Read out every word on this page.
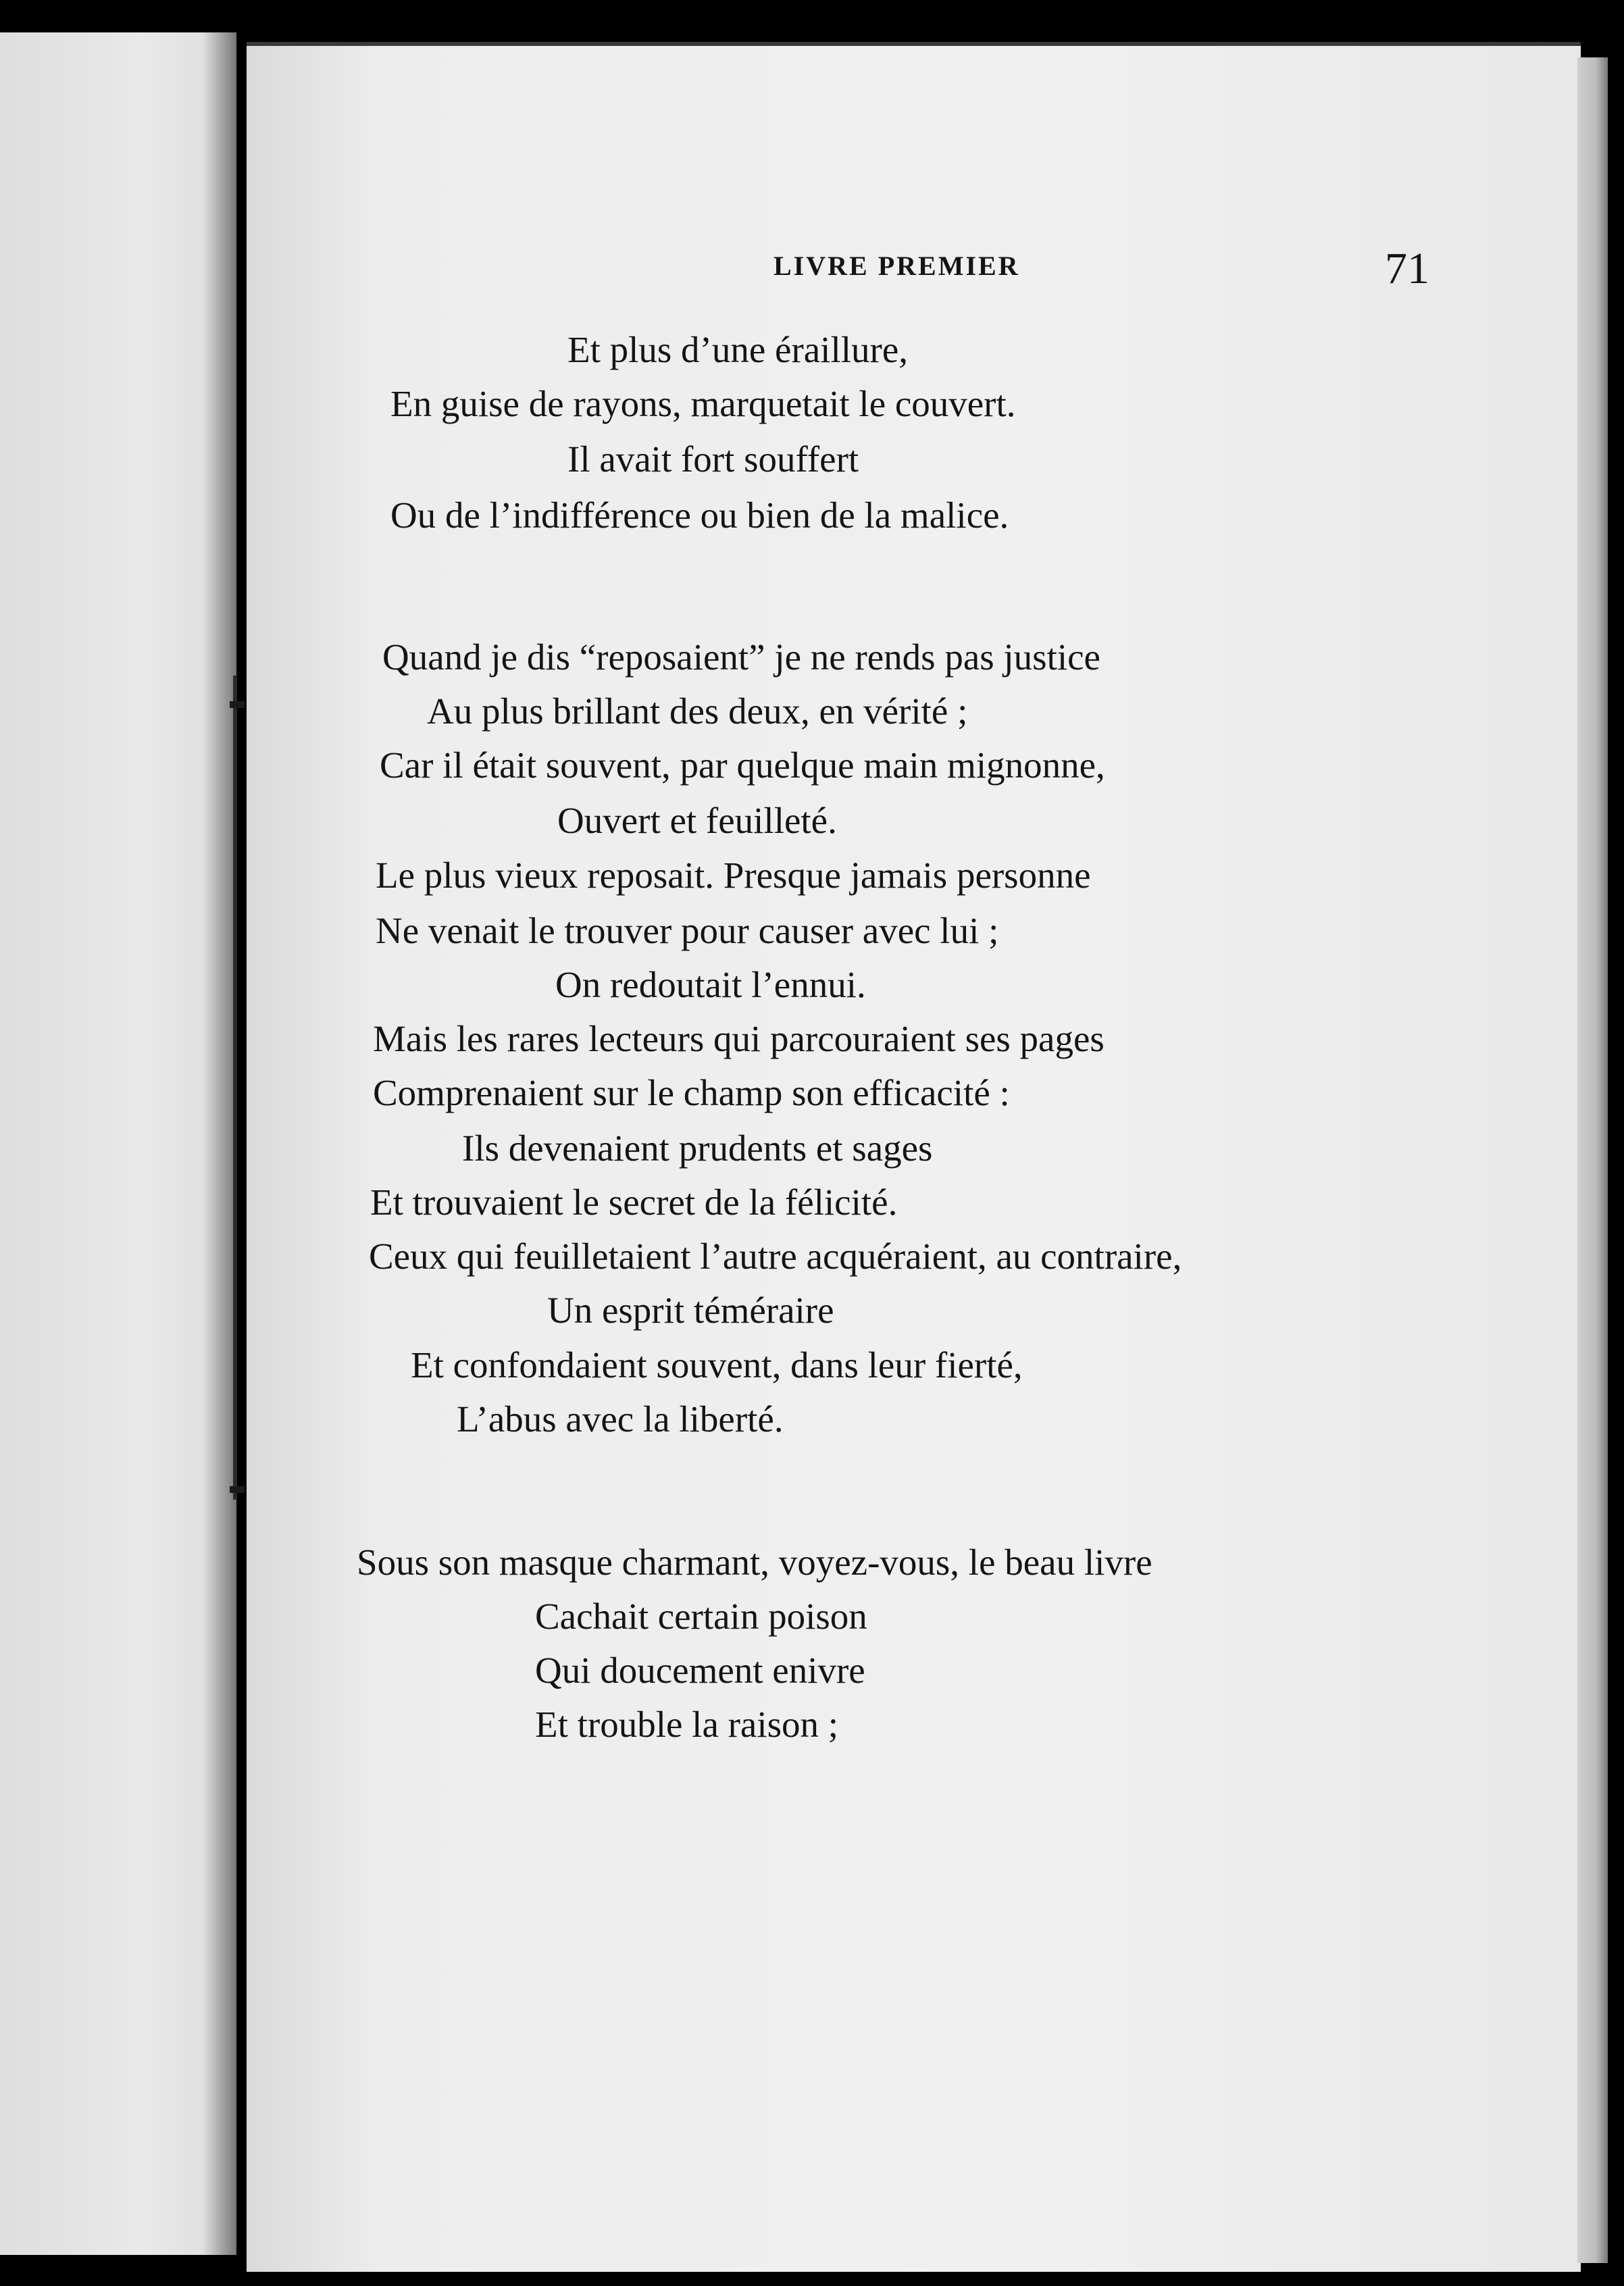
LIVRE PREMIER	71
Et plus d’une éraillure,
En guise de rayons, marquetait le couvert.
Il avait fort souffert
Ou de l’indifférence ou bien de la malice.
Quand je dis “reposaient” je ne rends pas justice
Au plus brillant des deux, en vérité ;
Car il était souvent, par quelque main mignonne,
Ouvert et feuilleté.
Le plus vieux reposait. Presque jamais personne
Ne venait le trouver pour causer avec lui ;
On redoutait l’ennui.
Mais les rares lecteurs qui parcouraient ses pages
Comprenaient sur le champ son efficacité :
Ils devenaient prudents et sages
Et trouvaient le secret de la félicité.
Ceux qui feuilletaient l’autre acquéraient, au contraire,
Un esprit téméraire
Et confondaient souvent, dans leur fierté,
L’abus avec la liberté.
Sous son masque charmant, voyez-vous, le beau livre
Cachait certain poison
Qui doucement enivre
Et trouble la raison ;
